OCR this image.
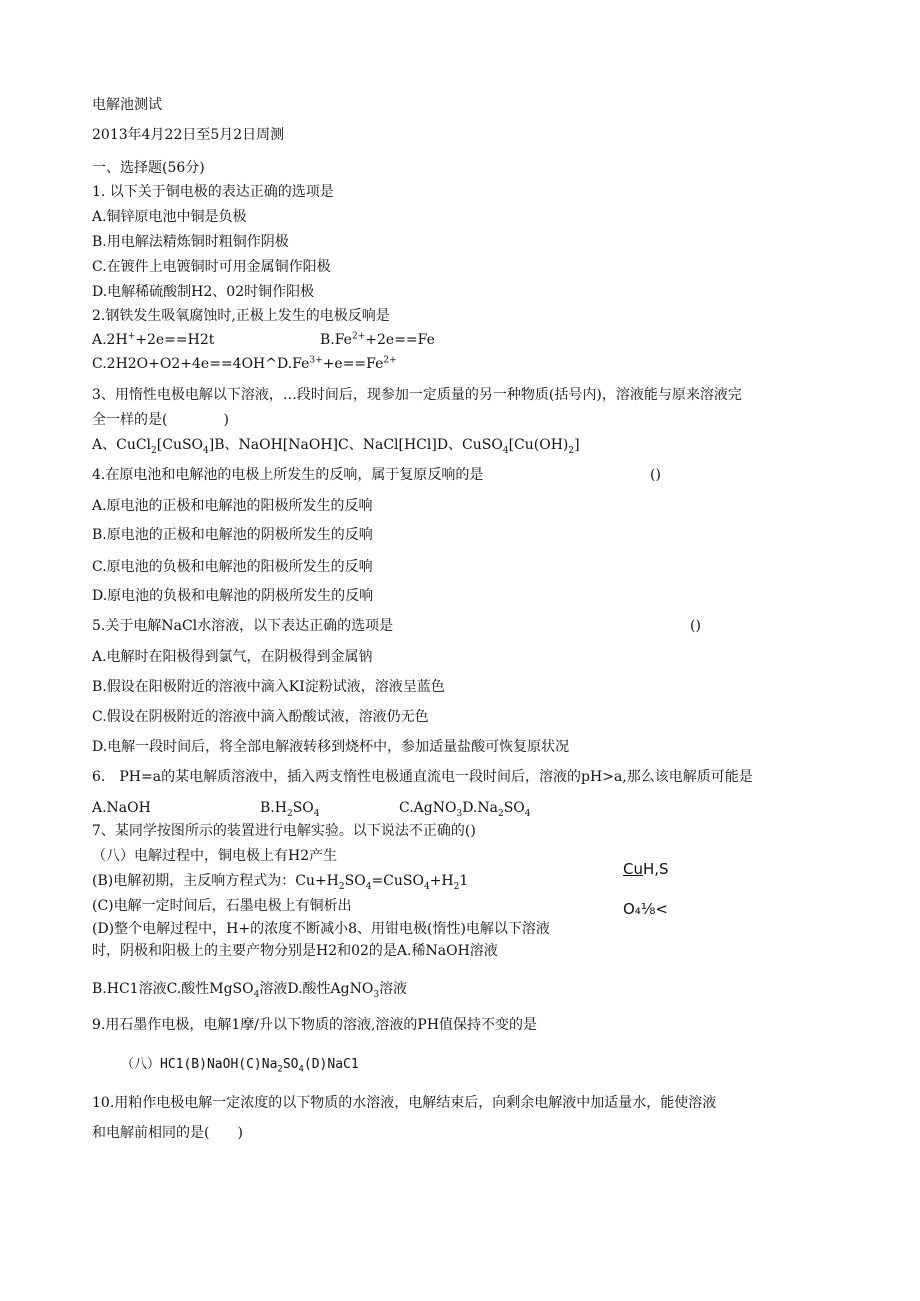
电解池测试
2013年4月22日至5月2日周测
一、选择题(56分)
1. 以下关于铜电极的表达正确的选项是
A.铜锌原电池中铜是负极
B.用电解法精炼铜时粗铜作阴极
C.在镀件上电镀铜时可用金属铜作阳极
D.电解稀硫酸制H2、02时铜作阳极
2.钢铁发生吸氧腐蚀时,正极上发生的电极反响是
A.2H++2e==H2t	$B.Fe^{2+}+2e==Fe$
$C.2H2O+O2+4e==4OH\^{}D.Fe^{3+}+e==Fe^{2+}$
3、用惰性电极电解以下溶液，…段时间后，现参加一定质量的另一种物质(括号内)，溶液能与原来溶液完
全一样的是(　　　　)
A、CuCl$_2$[CuSO$_4$]B、NaOH[NaOH]C、NaCl[HCl]D、$CuSO_4[Cu(OH)_2]$
4.在原电池和电解池的电极上所发生的反响，属于复原反响的是	()
A.原电池的正极和电解池的阳极所发生的反响
B.原电池的正极和电解池的阴极所发生的反响
C.原电池的负极和电解池的阳极所发生的反响
D.原电池的负极和电解池的阴极所发生的反响
5.关于电解NaCl水溶液，以下表达正确的选项是	()
A.电解时在阳极得到氯气，在阴极得到金属钠
B.假设在阳极附近的溶液中滴入KI淀粉试液，溶液呈蓝色
C.假设在阴极附近的溶液中滴入酚酸试液，溶液仍无色
D.电解一段时间后，将全部电解液转移到烧杯中，参加适量盐酸可恢复原状况
6.　PH=a的某电解质溶液中，插入两支惰性电极通直流电一段时间后，溶液的pH>a,那么该电解质可能是
A.NaOH	$B.H_2SO_4$	$C.AgNO_3D.Na_2SO_4$
7、某同学按图所示的装置进行电解实验。以下说法不正确的()
（八）电解过程中，铜电极上有H2产生
(B)电解初期，主反响方程式为：$Cu+H_2SO_4=CuSO_4+H_21$
(C)电解一定时间后，石墨电极上有铜析出
(D)整个电解过程中，H+的浓度不断减小8、用钳电极(惰性)电解以下溶液
时，阴极和阳极上的主要产物分别是H2和02的是A.稀NaOH溶液
CuH,S
O₄⅛<
B.HC1溶液C.酸性MgSO$_4$溶液D.酸性AgNO$_3$溶液
9.用石墨作电极，电解1摩/升以下物质的溶液,溶液的PH值保持不变的是
（八）$HC1(B)NaOH(C)Na_2SO_4(D)NaC1$
10.用粕作电极电解一定浓度的以下物质的水溶液，电解结束后，向剩余电解液中加适量水，能使溶液
和电解前相同的是(　　)
